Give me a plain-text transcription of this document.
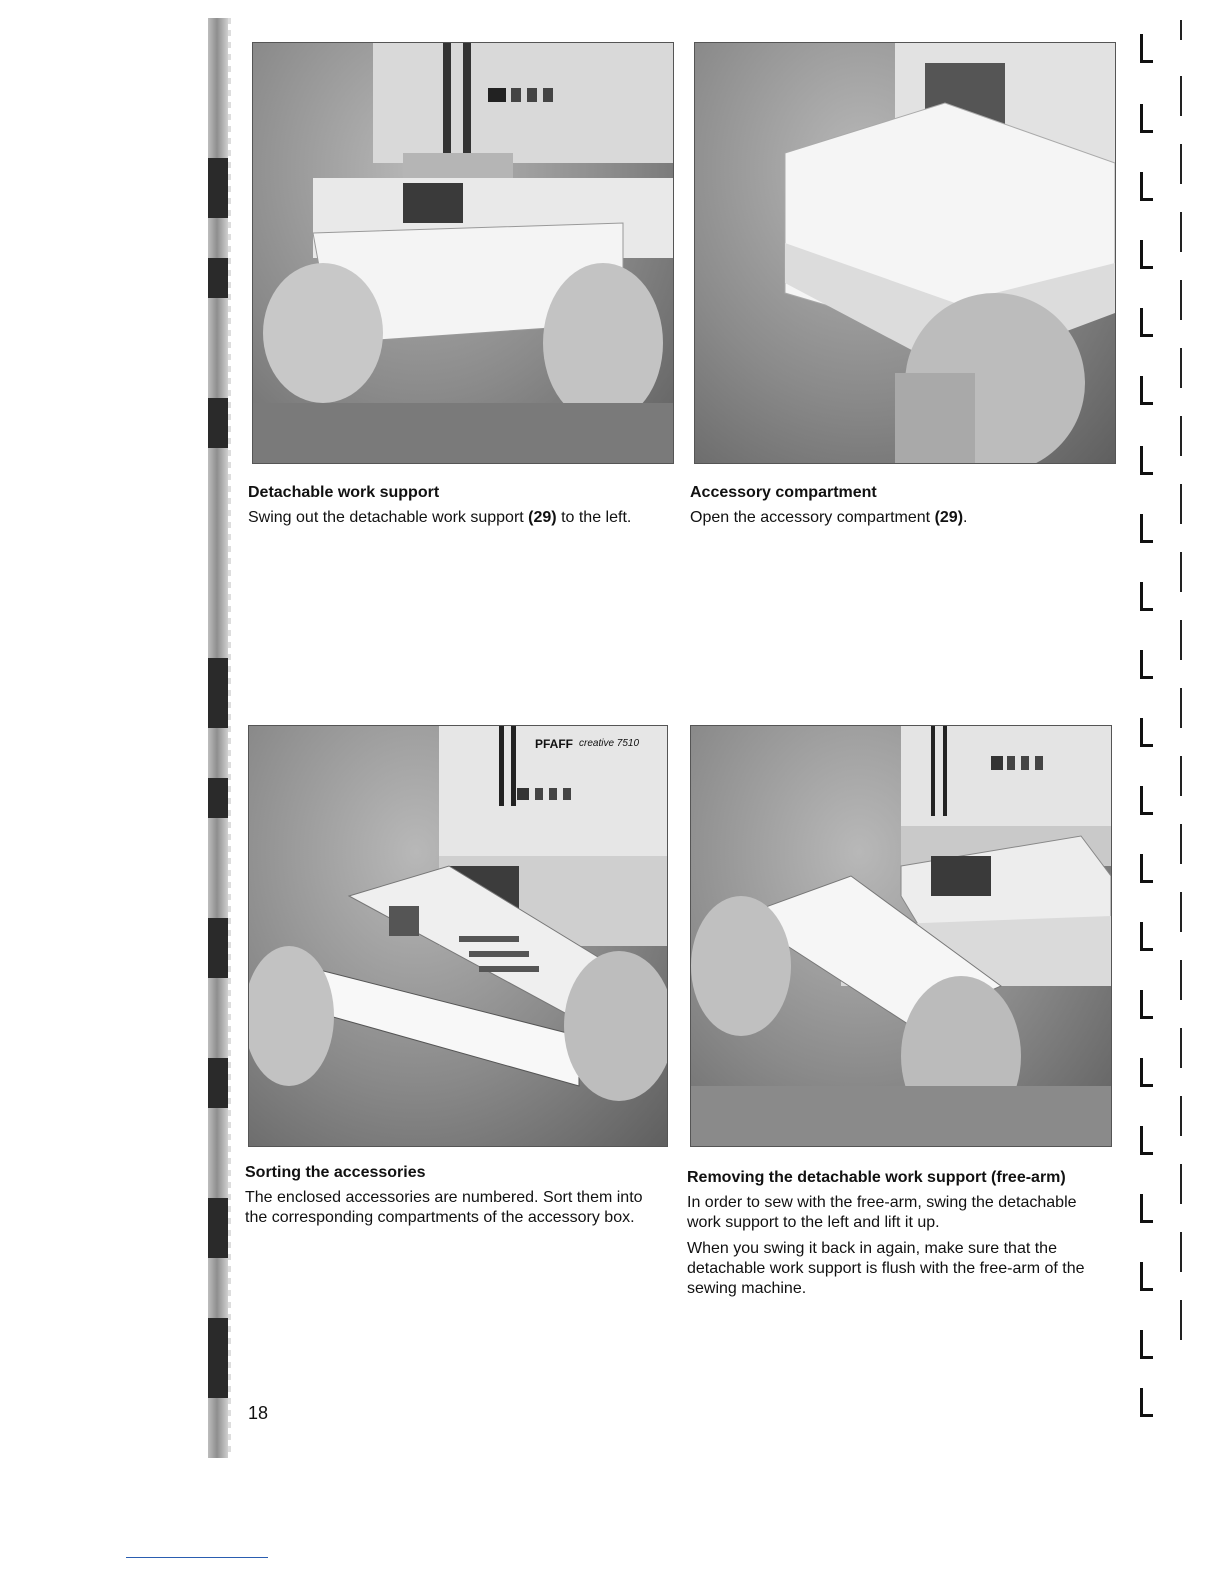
PFAFF creative 7510
Detachable work support

Swing out the detachable work support (29) to the left.

Accessory compartment

Open the accessory compartment (29).

Sorting the accessories

The enclosed accessories are numbered. Sort them into the corresponding compartments of the accessory box.

Removing the detachable work support (free-arm)

In order to sew with the free-arm, swing the detachable work support to the left and lift it up.

When you swing it back in again, make sure that the detachable work support is flush with the free-arm of the sewing machine.

18
